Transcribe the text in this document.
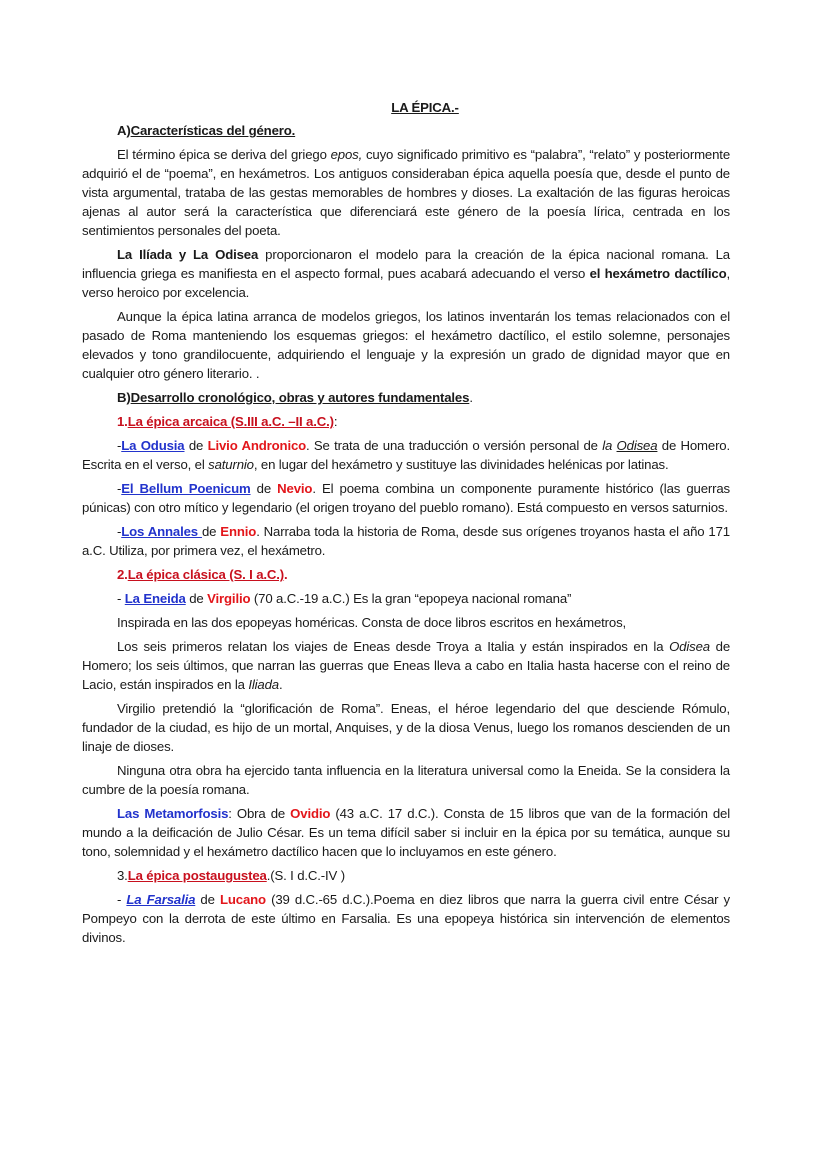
LA ÉPICA.-
A)Características del género.

El término épica se deriva del griego epos, cuyo significado primitivo es “palabra”, “relato” y posteriormente adquirió el de “poema”, en hexámetros. Los antiguos consideraban épica aquella poesía que, desde el punto de vista argumental, trataba de las gestas memorables de hombres y dioses. La exaltación de las figuras heroicas ajenas al autor será la característica que diferenciará este género de la poesía lírica, centrada en los sentimientos personales del poeta.

La Ilíada y La Odisea proporcionaron el modelo para la creación de la épica nacional romana. La influencia griega es manifiesta en el aspecto formal, pues acabará adecuando el verso el hexámetro dactílico, verso heroico por excelencia.

Aunque la épica latina arranca de modelos griegos, los latinos inventarán los temas relacionados con el pasado de Roma manteniendo los esquemas griegos: el hexámetro dactílico, el estilo solemne, personajes elevados y tono grandilocuente, adquiriendo el lenguaje y la expresión un grado de dignidad mayor que en cualquier otro género literario. .

B)Desarrollo cronológico, obras y autores fundamentales.
1.La épica arcaica (S.III a.C. –II a.C.):

-La Odusia de Livio Andronico. Se trata de una traducción o versión personal de la Odisea de Homero. Escrita en el verso, el saturnio, en lugar del hexámetro y sustituye las divinidades helénicas por latinas.

-El Bellum Poenicum de Nevio. El poema combina un componente puramente histórico (las guerras púnicas) con otro mítico y legendario (el origen troyano del pueblo romano). Está compuesto en versos saturnios.

-Los Annales de Ennio. Narraba toda la historia de Roma, desde sus orígenes troyanos hasta el año 171 a.C. Utiliza, por primera vez, el hexámetro.

2.La épica clásica (S. I a.C.).

- La Eneida de Virgilio (70 a.C.-19 a.C.) Es la gran “epopeya nacional romana”

Inspirada en las dos epopeyas homéricas. Consta de doce libros escritos en hexámetros,

Los seis primeros relatan los viajes de Eneas desde Troya a Italia y están inspirados en la Odisea de Homero; los seis últimos, que narran las guerras que Eneas lleva a cabo en Italia hasta hacerse con el reino de Lacio, están inspirados en la Iliada.

Virgilio pretendió la “glorificación de Roma”. Eneas, el héroe legendario del que desciende Rómulo, fundador de la ciudad, es hijo de un mortal, Anquises, y de la diosa Venus, luego los romanos descienden de un linaje de dioses.

Ninguna otra obra ha ejercido tanta influencia en la literatura universal como la Eneida. Se la considera la cumbre de la poesía romana.

Las Metamorfosis: Obra de Ovidio (43 a.C. 17 d.C.). Consta de 15 libros que van de la formación del mundo a la deificación de Julio César. Es un tema difícil saber si incluir en la épica por su temática, aunque su tono, solemnidad y el hexámetro dactílico hacen que lo incluyamos en este género.

3.La épica postaugustea.(S. I d.C.-IV )

- La Farsalia de Lucano (39 d.C.-65 d.C.).Poema en diez libros que narra la guerra civil entre César y Pompeyo con la derrota de este último en Farsalia. Es una epopeya histórica sin intervención de elementos divinos.
